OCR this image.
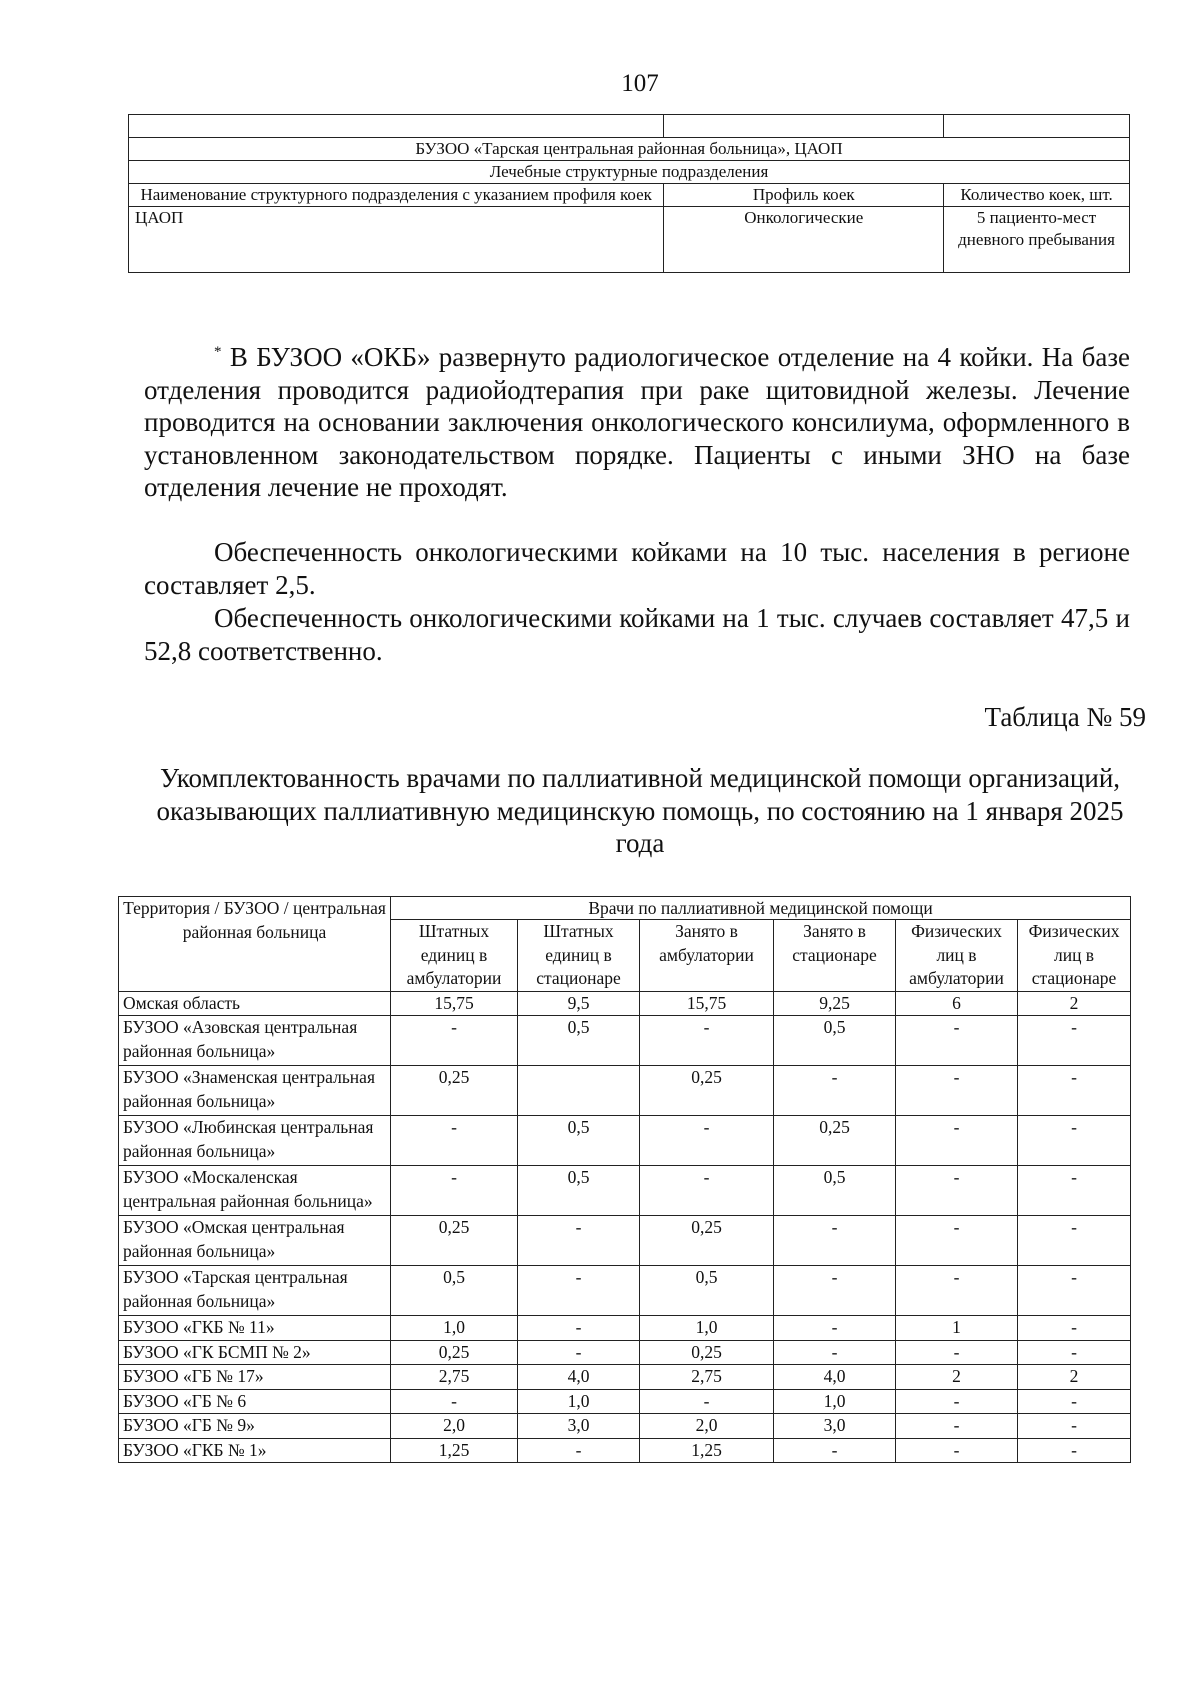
107

БУЗОО «Тарская центральная районная больница», ЦАОП		
Лечебные структурные подразделения		
Наименование структурного подразделения с указанием профиля коек	Профиль коек	Количество коек, шт.
ЦАОП	Онкологические	5 пациенто-мест дневного пребывания
* В БУЗОО «ОКБ» развернуто радиологическое отделение на 4 койки. На базе отделения проводится радиойодтерапия при раке щитовидной железы. Лечение проводится на основании заключения онкологического консилиума, оформленного в установленном законодательством порядке. Пациенты с иными ЗНО на базе отделения лечение не проходят.
Обеспеченность онкологическими койками на 10 тыс. населения в регионе составляет 2,5.
Обеспеченность онкологическими койками на 1 тыс. случаев составляет 47,5 и 52,8 соответственно.
Таблица № 59
Укомплектованность врачами по паллиативной медицинской помощи организаций, оказывающих паллиативную медицинскую помощь, по состоянию на 1 января 2025 года
Территория / БУЗОО / центральная районная больница	Врачи по паллиативной медицинской помощи					
	Штатных единиц в амбулатории	Штатных единиц в стационаре	Занято в амбулатории	Занято в стационаре	Физических лиц в амбулатории	Физических лиц в стационаре
Омская область	15,75	9,5	15,75	9,25	6	2
БУЗОО «Азовская центральная районная больница»	-	0,5	-	0,5	-	-
БУЗОО «Знаменская центральная районная больница»	0,25		0,25	-	-	-
БУЗОО «Любинская центральная районная больница»	-	0,5	-	0,25	-	-
БУЗОО «Москаленская центральная районная больница»	-	0,5	-	0,5	-	-
БУЗОО «Омская центральная районная больница»	0,25	-	0,25	-	-	-
БУЗОО «Тарская центральная районная больница»	0,5	-	0,5	-	-	-
БУЗОО «ГКБ № 11»	1,0	-	1,0	-	1	-
БУЗОО «ГК БСМП № 2»	0,25	-	0,25	-	-	-
БУЗОО «ГБ № 17»	2,75	4,0	2,75	4,0	2	2
БУЗОО «ГБ № 6	-	1,0	-	1,0	-	-
БУЗОО «ГБ № 9»	2,0	3,0	2,0	3,0	-	-
БУЗОО «ГКБ № 1»	1,25	-	1,25	-	-	-
